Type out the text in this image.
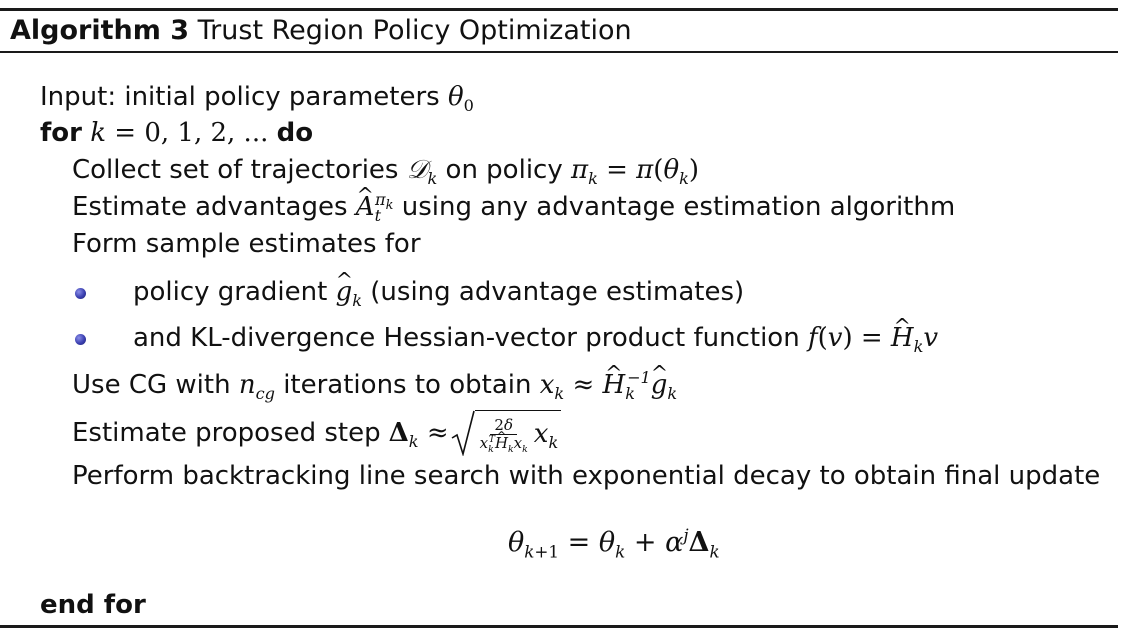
Algorithm 3 Trust Region Policy Optimization
Input: initial policy parameters $\theta_0$
for k = 0, 1, 2, ... do
Collect set of trajectories 𝒟$_k$ on policy $\pi_k = \pi(\theta_k)$
Estimate advantages ^ $A_t^{\pi_k}$ using any advantage estimation algorithm
Form sample estimates for
policy gradient ^ $g_k$ (using advantage estimates)
and KL-divergence Hessian-vector product function f(v) = ^ $H_kv$
Use CG with $n_{cg}$ iterations to obtain $x_k$ ≈ ^ $H_k^{-1}\^{}$ $g_k$
Estimate proposed step $\Delta_k \approx \frac{2\delta}{x_k^T\^{} H_kx_k} x_k$
Perform backtracking line search with exponential decay to obtain final update
$\theta_{k+1} = \theta_k + \alpha^j\Delta_k$
end for
